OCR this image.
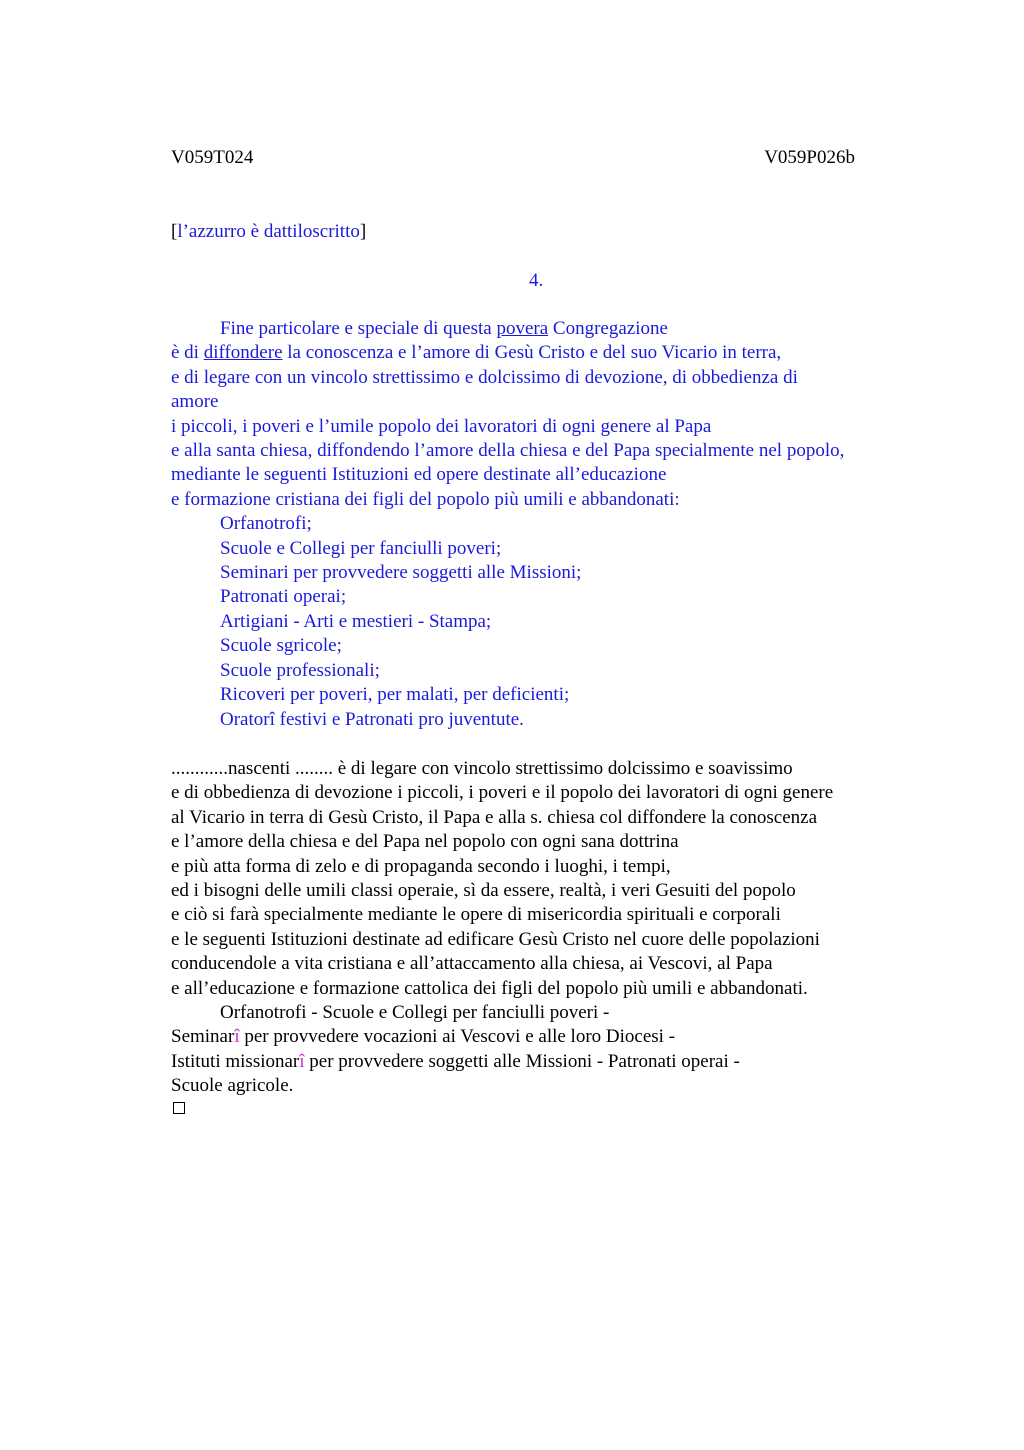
V059T024	V059P026b
[l’azzurro è dattiloscritto]
4.
Fine particolare e speciale di questa povera Congregazione
è di diffondere la conoscenza e l’amore di Gesù Cristo e del suo Vicario in terra,
e di legare con un vincolo strettissimo e dolcissimo di devozione, di obbedienza di
amore
i piccoli, i poveri e l’umile popolo dei lavoratori di ogni genere al Papa
e alla santa chiesa, diffondendo l’amore della chiesa e del Papa specialmente nel popolo,
mediante le seguenti Istituzioni ed opere destinate all’educazione
e formazione cristiana dei figli del popolo più umili e abbandonati:
Orfanotrofi;
Scuole e Collegi per fanciulli poveri;
Seminari per provvedere soggetti alle Missioni;
Patronati operai;
Artigiani - Arti e mestieri - Stampa;
Scuole sgricole;
Scuole professionali;
Ricoveri per poveri, per malati, per deficienti;
Oratorî festivi e Patronati pro juventute.
............nascenti ........ è di legare con vincolo strettissimo dolcissimo e soavissimo
e di obbedienza di devozione i piccoli, i poveri e il popolo dei lavoratori di ogni genere
al Vicario in terra di Gesù Cristo, il Papa e alla s. chiesa col diffondere la conoscenza
e l’amore della chiesa e del Papa nel popolo con ogni sana dottrina
e più atta forma di zelo e di propaganda secondo i luoghi, i tempi,
ed i bisogni delle umili classi operaie, sì da essere, realtà, i veri Gesuiti del popolo
e ciò si farà specialmente mediante le opere di misericordia spirituali e corporali
e le seguenti Istituzioni destinate ad edificare Gesù Cristo nel cuore delle popolazioni
conducendole a vita cristiana e all’attaccamento alla chiesa, ai Vescovi, al Papa
e all’educazione e formazione cattolica dei figli del popolo più umili e abbandonati.
Orfanotrofi - Scuole e Collegi per fanciulli poveri -
Seminarî per provvedere vocazioni ai Vescovi e alle loro Diocesi -
Istituti missionarî per provvedere soggetti alle Missioni - Patronati operai -
Scuole agricole.
